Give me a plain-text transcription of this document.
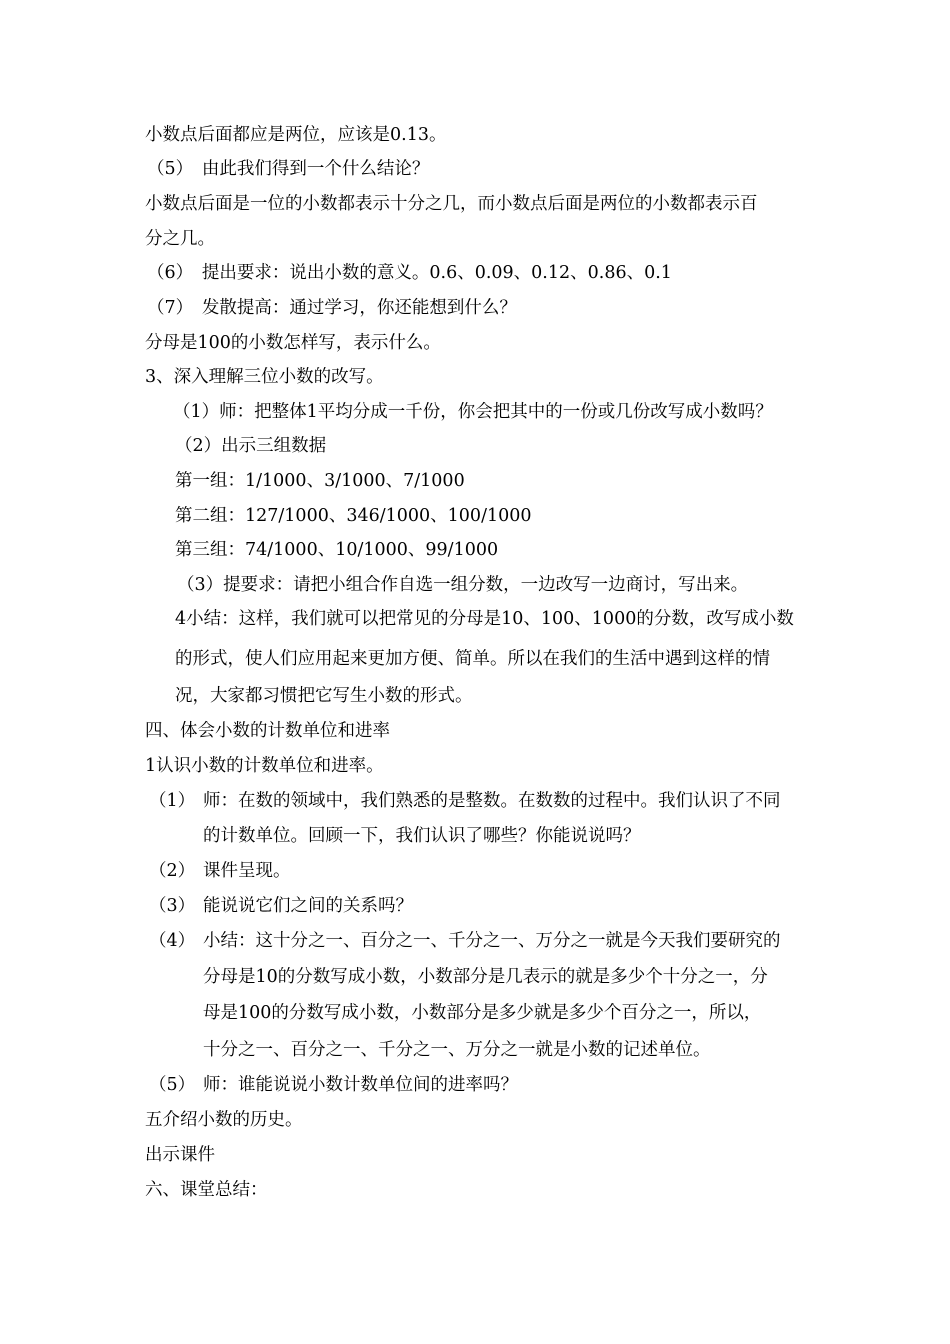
小数点后面都应是两位，应该是0.13。

（5）　由此我们得到一个什么结论？

小数点后面是一位的小数都表示十分之几，而小数点后面是两位的小数都表示百

分之几。

（6）　提出要求：说出小数的意义。0.6、0.09、0.12、0.86、0.1

（7）　发散提高：通过学习，你还能想到什么？

分母是100的小数怎样写，表示什么。

3、深入理解三位小数的改写。

（1）师：把整体1平均分成一千份，你会把其中的一份或几份改写成小数吗？

（2）出示三组数据

第一组：1/1000、3/1000、7/1000

第二组：127/1000、346/1000、100/1000

第三组：74/1000、10/1000、99/1000

（3）提要求：请把小组合作自选一组分数，一边改写一边商讨，写出来。

4小结：这样，我们就可以把常见的分母是10、100、1000的分数，改写成小数

的形式，使人们应用起来更加方便、简单。所以在我们的生活中遇到这样的情

况，大家都习惯把它写生小数的形式。

四、体会小数的计数单位和进率

1认识小数的计数单位和进率。

（1） 师：在数的领域中，我们熟悉的是整数。在数数的过程中。我们认识了不同

的计数单位。回顾一下，我们认识了哪些？你能说说吗？

（2） 课件呈现。

（3） 能说说它们之间的关系吗？

（4） 小结：这十分之一、百分之一、千分之一、万分之一就是今天我们要研究的

分母是10的分数写成小数，小数部分是几表示的就是多少个十分之一，分

母是100的分数写成小数，小数部分是多少就是多少个百分之一，所以，

十分之一、百分之一、千分之一、万分之一就是小数的记述单位。

（5） 师：谁能说说小数计数单位间的进率吗？

五介绍小数的历史。

出示课件

六、课堂总结：
